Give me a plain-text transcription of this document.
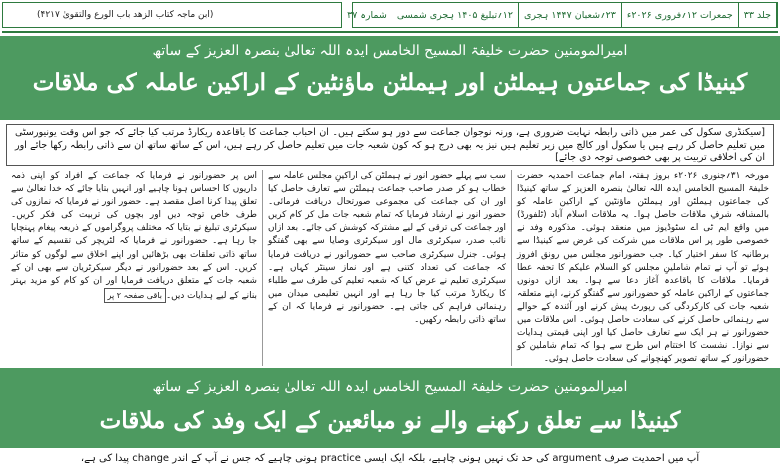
(ابن ماجہ کتاب الزھد باب الورع والتقویٰ ۴۲۱۷)	جلد ۳۳
جمعرات ۱۲؍فروری ۲۰۲۶ء
۲۳؍شعبان ۱۴۴۷ ہجری
۱۲؍تبلیغ ۱۴۰۵ ہجری شمسی
شمارہ ۳۷
امیرالمومنین حضرت خلیفۃ المسیح الخامس ایدہ اللہ تعالیٰ بنصرہ العزیز کے ساتھ
کینیڈا کی جماعتوں ہیملٹن اور ہیملٹن ماؤنٹین کے اراکین عاملہ کی ملاقات
[سیکنڈری سکول کی عمر میں ذاتی رابطہ نہایت ضروری ہے، ورنہ نوجوان جماعت سے دور ہو سکتے ہیں۔ ان احباب جماعت کا باقاعدہ ریکارڈ مرتب کیا جائے کہ جو اس وقت یونیورسٹی میں تعلیم حاصل کر رہے ہیں یا سکول اور کالج میں زیر تعلیم ہیں نیز یہ بھی درج ہو کہ کون شعبہ جات میں تعلیم حاصل کر رہے ہیں، اس کے ساتھ ساتھ ان سے ذاتی رابطہ رکھا جائے اور ان کی اخلاقی تربیت پر بھی خصوصی توجہ دی جائے]

مورخہ ۳۱؍جنوری ۲۰۲۶ء بروز ہفتہ، امام جماعت احمدیہ حضرت خلیفۃ المسیح الخامس ایدہ اللہ تعالیٰ بنصرہ العزیز کے ساتھ کینیڈا کی جماعتوں ہیملٹن اور ہیملٹن ماؤنٹین کے اراکین عاملہ کو بالمشافہ شرفِ ملاقات حاصل ہوا۔ یہ ملاقات اسلام آباد (ٹلفورڈ) میں واقع ایم ٹی اے سٹوڈیوز میں منعقد ہوئی۔ مذکورہ وفد نے خصوصی طور پر اس ملاقات میں شرکت کی غرض سے کینیڈا سے برطانیہ کا سفر اختیار کیا۔ جب حضورانور مجلس میں رونق افروز ہوئے تو آپ نے تمام شاملینِ مجلس کو السلام علیکم کا تحفہ عطا فرمایا۔ ملاقات کا باقاعدہ آغاز دعا سے ہوا۔ بعد ازاں دونوں جماعتوں کے اراکین عاملہ کو حضورانور سے گفتگو کرنے، اپنے متعلقہ شعبہ جات کی کارکردگی کی رپورٹ پیش کرنے اور آئندہ کے حوالے سے رہنمائی حاصل کرنے کی سعادت حاصل ہوئی۔ اس ملاقات میں حضورانور نے ہر ایک سے تعارف حاصل کیا اور اپنی قیمتی ہدایات سے نوازا۔ نشست کا اختتام اس طرح سے ہوا کہ تمام شاملین کو حضورانور کے ساتھ تصویر کھنچوانے کی سعادت حاصل ہوئی۔

سب سے پہلے حضور انور نے ہیملٹن کی اراکینِ مجلس عاملہ سے خطاب ہو کر صدر صاحب جماعت ہیملٹن سے تعارف حاصل کیا اور ان کی جماعت کی مجموعی صورتحال دریافت فرمائی۔ حضور انور نے ارشاد فرمایا کہ تمام شعبہ جات مل کر کام کریں اور جماعت کی ترقی کے لیے مشترکہ کوشش کی جائے۔ بعد ازاں نائب صدر، سیکرٹری مال اور سیکرٹری وصایا سے بھی گفتگو ہوئی۔ جنرل سیکرٹری صاحب سے حضورانور نے دریافت فرمایا کہ جماعت کی تعداد کتنی ہے اور نماز سینٹر کہاں ہے۔ سیکرٹری تعلیم نے عرض کیا کہ شعبہ تعلیم کی طرف سے طلباء کا ریکارڈ مرتب کیا جا رہا ہے اور انہیں تعلیمی میدان میں رہنمائی فراہم کی جاتی ہے۔ حضورانور نے فرمایا کہ ان کے ساتھ ذاتی رابطہ رکھیں۔

اس پر حضورانور نے فرمایا کہ جماعت کے افراد کو اپنی ذمہ داریوں کا احساس ہونا چاہیے اور انہیں بتایا جائے کہ خدا تعالیٰ سے تعلق پیدا کرنا اصل مقصد ہے۔ حضور انور نے فرمایا کہ نمازوں کی طرف خاص توجہ دیں اور بچوں کی تربیت کی فکر کریں۔ سیکرٹری تبلیغ نے بتایا کہ مختلف پروگراموں کے ذریعہ پیغام پہنچایا جا رہا ہے۔ حضورانور نے فرمایا کہ لٹریچر کی تقسیم کے ساتھ ساتھ ذاتی تعلقات بھی بڑھائیں اور اپنے اخلاق سے لوگوں کو متاثر کریں۔ اس کے بعد حضورانور نے دیگر سیکرٹریان سے بھی ان کے شعبہ جات کے متعلق دریافت فرمایا اور ان کو کام کو مزید بہتر بنانے کے لیے ہدایات دیں۔باقی صفحہ ۲ پر

امیرالمومنین حضرت خلیفۃ المسیح الخامس ایدہ اللہ تعالیٰ بنصرہ العزیز کے ساتھ
کینیڈا سے تعلق رکھنے والے نو مبائعین کے ایک وفد کی ملاقات
آپ میں احمدیت صرف argument کی حد تک نہیں ہونی چاہیے، بلکہ ایک ایسی practice ہونی چاہیے کہ جس نے آپ کے اندر change پیدا کی ہے،
